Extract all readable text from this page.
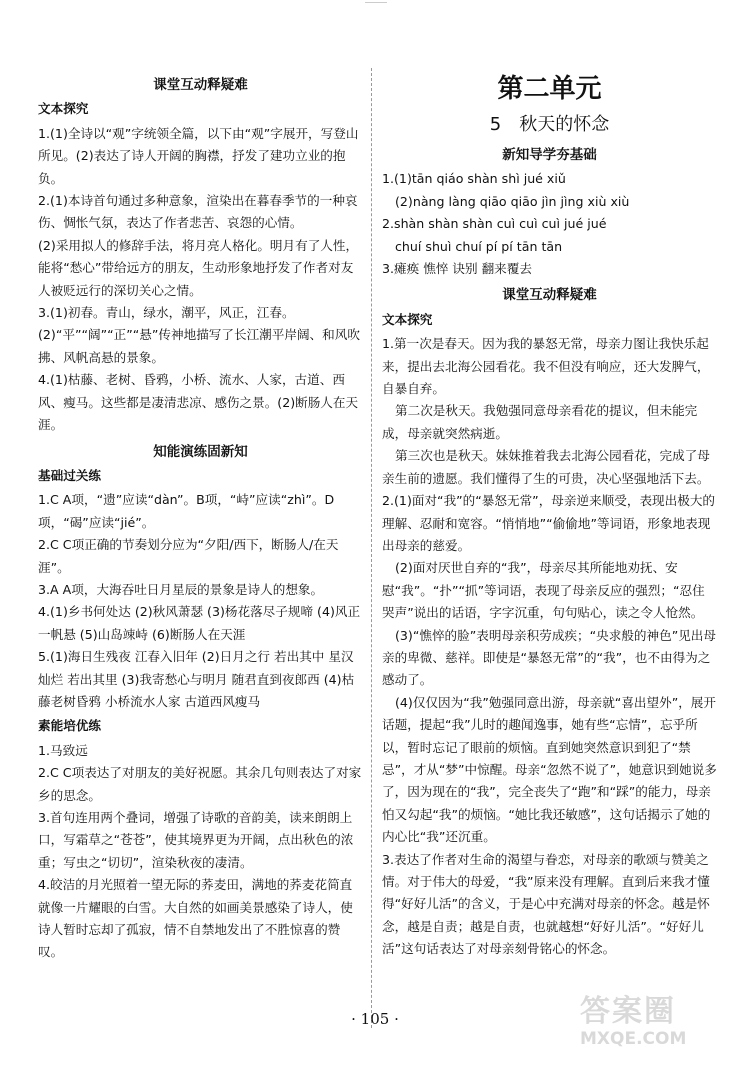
课堂互动释疑难
文本探究

1.(1)全诗以“观”字统领全篇，以下由“观”字展开，写登山所见。(2)表达了诗人开阔的胸襟，抒发了建功立业的抱负。

2.(1)本诗首句通过多种意象，渲染出在暮春季节的一种哀伤、惆怅气氛，表达了作者悲苦、哀怨的心情。

(2)采用拟人的修辞手法，将月亮人格化。明月有了人性，能将“愁心”带给远方的朋友，生动形象地抒发了作者对友人被贬远行的深切关心之情。

3.(1)初春。青山，绿水，潮平，风正，江春。(2)“平”“阔”“正”“悬”传神地描写了长江潮平岸阔、和风吹拂、风帆高悬的景象。

4.(1)枯藤、老树、昏鸦，小桥、流水、人家，古道、西风、瘦马。这些都是凄清悲凉、感伤之景。(2)断肠人在天涯。

知能演练固新知
基础过关练

1.C A项，“遗”应读“dàn”。B项，“峙”应读“zhì”。D项，“碣”应读“jié”。

2.C C项正确的节奏划分应为“夕阳/西下，断肠人/在天涯”。

3.A A项，大海吞吐日月星辰的景象是诗人的想象。

4.(1)乡书何处达 (2)秋风萧瑟 (3)杨花落尽子规啼 (4)风正一帆悬 (5)山岛竦峙 (6)断肠人在天涯

5.(1)海日生残夜 江春入旧年 (2)日月之行 若出其中 星汉灿烂 若出其里 (3)我寄愁心与明月 随君直到夜郎西 (4)枯藤老树昏鸦 小桥流水人家 古道西风瘦马

素能培优练

1.马致远

2.C C项表达了对朋友的美好祝愿。其余几句则表达了对家乡的思念。

3.首句连用两个叠词，增强了诗歌的音韵美，读来朗朗上口，写霜草之“苍苍”，使其境界更为开阔，点出秋色的浓重；写虫之“切切”，渲染秋夜的凄清。

4.皎洁的月光照着一望无际的荞麦田，满地的荞麦花简直就像一片耀眼的白雪。大自然的如画美景感染了诗人，使诗人暂时忘却了孤寂，情不自禁地发出了不胜惊喜的赞叹。

第二单元
5　秋天的怀念
新知导学夯基础

1.(1)tān qiáo shàn shì jué xiǔ

(2)nàng làng qiāo qiāo jìn jìng xiù xiù

2.shàn shàn shàn cuì cuì cuì jué jué

chuí shuì chuí pí pí tān tān

3.瘫痪 憔悴 诀别 翻来覆去

课堂互动释疑难
文本探究

1.第一次是春天。因为我的暴怒无常，母亲力图让我快乐起来，提出去北海公园看花。我不但没有响应，还大发脾气，自暴自弃。

第二次是秋天。我勉强同意母亲看花的提议，但未能完成，母亲就突然病逝。

第三次也是秋天。妹妹推着我去北海公园看花，完成了母亲生前的遗愿。我们懂得了生的可贵，决心坚强地活下去。

2.(1)面对“我”的“暴怒无常”，母亲逆来顺受，表现出极大的理解、忍耐和宽容。“悄悄地”“偷偷地”等词语，形象地表现出母亲的慈爱。

(2)面对厌世自弃的“我”，母亲尽其所能地劝抚、安慰“我”。“扑”“抓”等词语，表现了母亲反应的强烈；“忍住哭声”说出的话语，字字沉重，句句贴心，读之令人怆然。

(3)“憔悴的脸”表明母亲积劳成疾；“央求般的神色”见出母亲的卑微、慈祥。即使是“暴怒无常”的“我”，也不由得为之感动了。

(4)仅仅因为“我”勉强同意出游，母亲就“喜出望外”，展开话题，提起“我”儿时的趣闻逸事，她有些“忘情”，忘乎所以，暂时忘记了眼前的烦恼。直到她突然意识到犯了“禁忌”，才从“梦”中惊醒。母亲“忽然不说了”，她意识到她说多了，因为现在的“我”，完全丧失了“跑”和“踩”的能力，母亲怕又勾起“我”的烦恼。“她比我还敏感”，这句话揭示了她的内心比“我”还沉重。

3.表达了作者对生命的渴望与眷恋，对母亲的歌颂与赞美之情。对于伟大的母爱，“我”原来没有理解。直到后来我才懂得“好好儿活”的含义，于是心中充满对母亲的怀念。越是怀念，越是自责；越是自责，也就越想“好好儿活”。“好好儿活”这句话表达了对母亲刻骨铭心的怀念。

· 105 ·	答案圈
MXQE.COM
